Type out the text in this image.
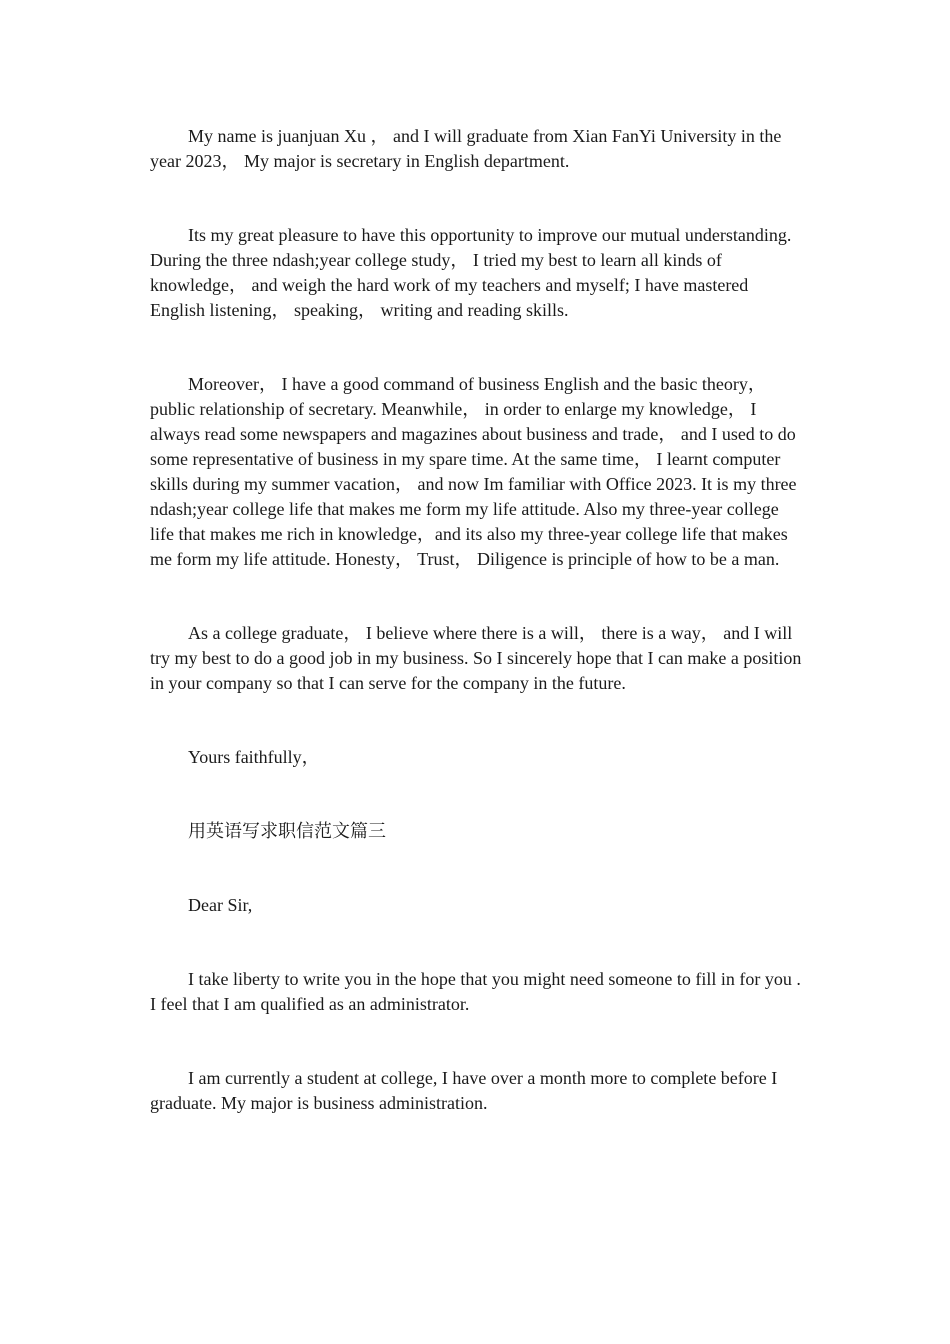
My name is juanjuan Xu ， and I will graduate from Xian FanYi University in the year 2023， My major is secretary in English department.

Its my great pleasure to have this opportunity to improve our mutual understanding. During the three ndash;year college study， I tried my best to learn all kinds of knowledge， and weigh the hard work of my teachers and myself; I have mastered English listening， speaking， writing and reading skills.

Moreover， I have a good command of business English and the basic theory， public relationship of secretary. Meanwhile， in order to enlarge my knowledge， I always read some newspapers and magazines about business and trade， and I used to do some representative of business in my spare time. At the same time， I learnt computer skills during my summer vacation， and now Im familiar with Office 2023. It is my three ndash;year college life that makes me form my life attitude. Also my three-year college life that makes me rich in knowledge，and its also my three-year college life that makes me form my life attitude. Honesty， Trust， Diligence is principle of how to be a man.

As a college graduate， I believe where there is a will， there is a way， and I will try my best to do a good job in my business. So I sincerely hope that I can make a position in your company so that I can serve for the company in the future.

Yours faithfully，

用英语写求职信范文篇三

Dear Sir,

I take liberty to write you in the hope that you might need someone to fill in for you . I feel that I am qualified as an administrator.

I am currently a student at college, I have over a month more to complete before I graduate. My major is business administration.
